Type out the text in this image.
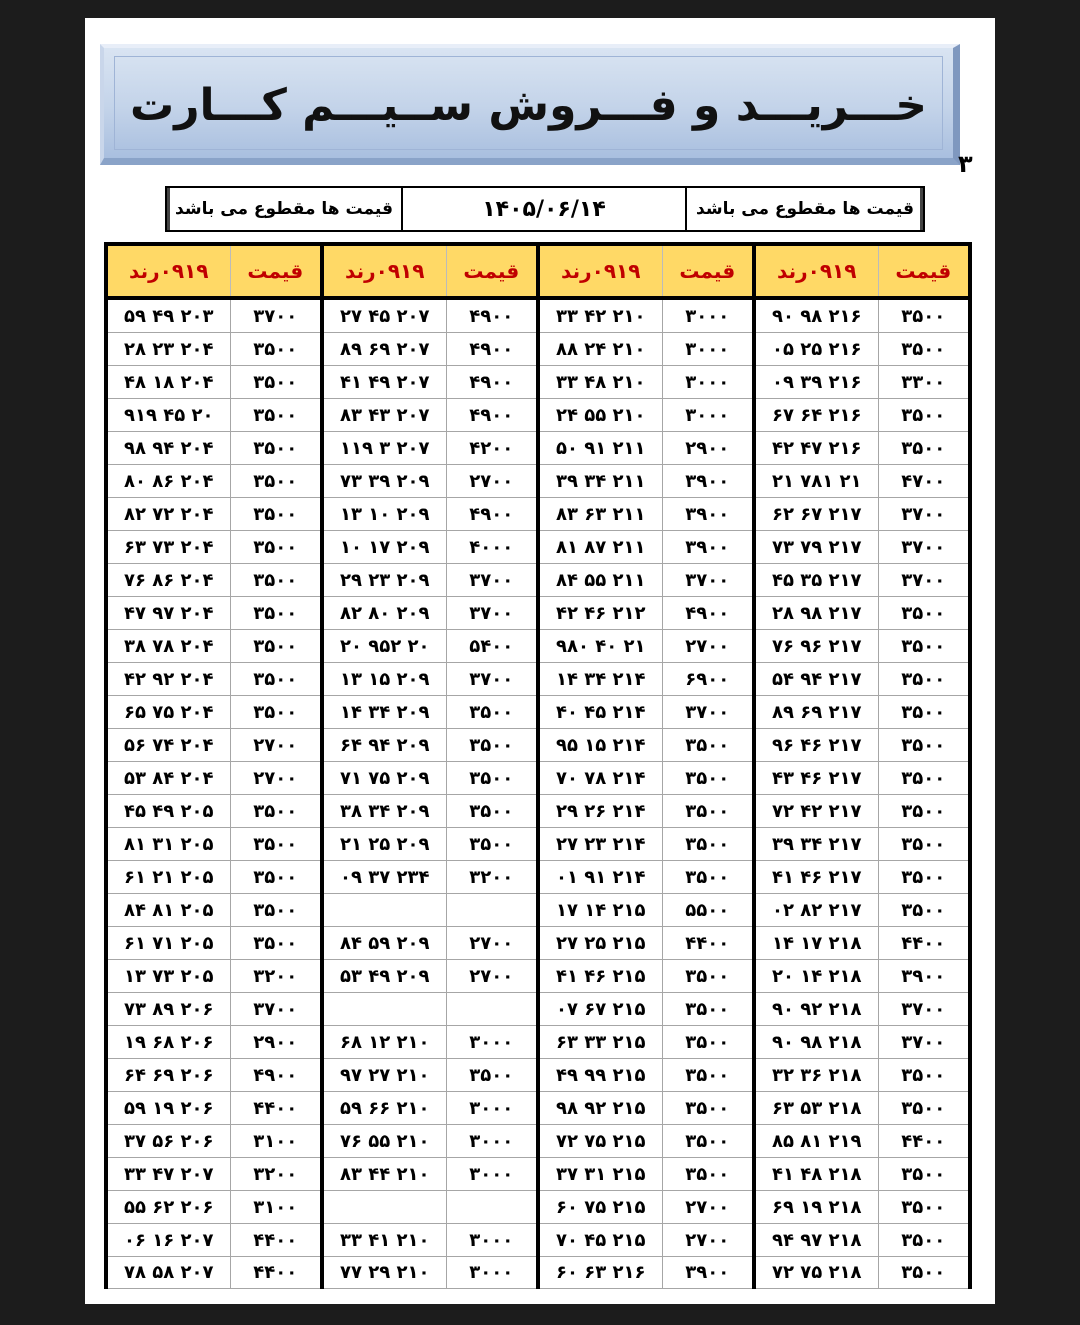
خـــریـــد و فـــروش ســیـــم کـــارت
۳
قیمت ها مقطوع می باشد
۱۴۰۵/۰۶/۱۴
قیمت ها مقطوع می باشد
قیمت	۰۹۱۹رند	قیمت	۰۹۱۹رند	قیمت	۰۹۱۹رند	قیمت	۰۹۱۹رند
۳۵۰۰	۲۱۶ ۹۸ ۹۰	۳۰۰۰	۲۱۰ ۴۲ ۳۳	۴۹۰۰	۲۰۷ ۴۵ ۲۷	۳۷۰۰	۲۰۳ ۴۹ ۵۹
۳۵۰۰	۲۱۶ ۲۵ ۰۵	۳۰۰۰	۲۱۰ ۲۴ ۸۸	۴۹۰۰	۲۰۷ ۶۹ ۸۹	۳۵۰۰	۲۰۴ ۲۳ ۲۸
۳۳۰۰	۲۱۶ ۳۹ ۰۹	۳۰۰۰	۲۱۰ ۴۸ ۳۳	۴۹۰۰	۲۰۷ ۴۹ ۴۱	۳۵۰۰	۲۰۴ ۱۸ ۴۸
۳۵۰۰	۲۱۶ ۶۴ ۶۷	۳۰۰۰	۲۱۰ ۵۵ ۲۴	۴۹۰۰	۲۰۷ ۴۳ ۸۳	۳۵۰۰	۲۰ ۴۵ ۹۱۹
۳۵۰۰	۲۱۶ ۴۷ ۴۲	۲۹۰۰	۲۱۱ ۹۱ ۵۰	۴۲۰۰	۲۰۷ ۳ ۱۱۹	۳۵۰۰	۲۰۴ ۹۴ ۹۸
۴۷۰۰	۲۱ ۷۸۱ ۲۱	۳۹۰۰	۲۱۱ ۳۴ ۳۹	۲۷۰۰	۲۰۹ ۳۹ ۷۳	۳۵۰۰	۲۰۴ ۸۶ ۸۰
۳۷۰۰	۲۱۷ ۶۷ ۶۲	۳۹۰۰	۲۱۱ ۶۳ ۸۳	۴۹۰۰	۲۰۹ ۱۰ ۱۳	۳۵۰۰	۲۰۴ ۷۲ ۸۲
۳۷۰۰	۲۱۷ ۷۹ ۷۳	۳۹۰۰	۲۱۱ ۸۷ ۸۱	۴۰۰۰	۲۰۹ ۱۷ ۱۰	۳۵۰۰	۲۰۴ ۷۳ ۶۳
۳۷۰۰	۲۱۷ ۳۵ ۴۵	۳۷۰۰	۲۱۱ ۵۵ ۸۴	۳۷۰۰	۲۰۹ ۲۳ ۲۹	۳۵۰۰	۲۰۴ ۸۶ ۷۶
۳۵۰۰	۲۱۷ ۹۸ ۲۸	۴۹۰۰	۲۱۲ ۴۶ ۴۲	۳۷۰۰	۲۰۹ ۸۰ ۸۲	۳۵۰۰	۲۰۴ ۹۷ ۴۷
۳۵۰۰	۲۱۷ ۹۶ ۷۶	۲۷۰۰	۲۱ ۴۰ ۹۸۰	۵۴۰۰	۲۰ ۹۵۲ ۲۰	۳۵۰۰	۲۰۴ ۷۸ ۳۸
۳۵۰۰	۲۱۷ ۹۴ ۵۴	۶۹۰۰	۲۱۴ ۳۴ ۱۴	۳۷۰۰	۲۰۹ ۱۵ ۱۳	۳۵۰۰	۲۰۴ ۹۲ ۴۲
۳۵۰۰	۲۱۷ ۶۹ ۸۹	۳۷۰۰	۲۱۴ ۴۵ ۴۰	۳۵۰۰	۲۰۹ ۳۴ ۱۴	۳۵۰۰	۲۰۴ ۷۵ ۶۵
۳۵۰۰	۲۱۷ ۴۶ ۹۶	۳۵۰۰	۲۱۴ ۱۵ ۹۵	۳۵۰۰	۲۰۹ ۹۴ ۶۴	۲۷۰۰	۲۰۴ ۷۴ ۵۶
۳۵۰۰	۲۱۷ ۴۶ ۴۳	۳۵۰۰	۲۱۴ ۷۸ ۷۰	۳۵۰۰	۲۰۹ ۷۵ ۷۱	۲۷۰۰	۲۰۴ ۸۴ ۵۳
۳۵۰۰	۲۱۷ ۴۲ ۷۲	۳۵۰۰	۲۱۴ ۲۶ ۲۹	۳۵۰۰	۲۰۹ ۳۴ ۳۸	۳۵۰۰	۲۰۵ ۴۹ ۴۵
۳۵۰۰	۲۱۷ ۳۴ ۳۹	۳۵۰۰	۲۱۴ ۲۳ ۲۷	۳۵۰۰	۲۰۹ ۲۵ ۲۱	۳۵۰۰	۲۰۵ ۳۱ ۸۱
۳۵۰۰	۲۱۷ ۴۶ ۴۱	۳۵۰۰	۲۱۴ ۹۱ ۰۱	۳۲۰۰	۲۳۴ ۳۷ ۰۹	۳۵۰۰	۲۰۵ ۲۱ ۶۱
۳۵۰۰	۲۱۷ ۸۲ ۰۲	۵۵۰۰	۲۱۵ ۱۴ ۱۷			۳۵۰۰	۲۰۵ ۸۱ ۸۴
۴۴۰۰	۲۱۸ ۱۷ ۱۴	۴۴۰۰	۲۱۵ ۲۵ ۲۷	۲۷۰۰	۲۰۹ ۵۹ ۸۴	۳۵۰۰	۲۰۵ ۷۱ ۶۱
۳۹۰۰	۲۱۸ ۱۴ ۲۰	۳۵۰۰	۲۱۵ ۴۶ ۴۱	۲۷۰۰	۲۰۹ ۴۹ ۵۳	۳۲۰۰	۲۰۵ ۷۳ ۱۳
۳۷۰۰	۲۱۸ ۹۲ ۹۰	۳۵۰۰	۲۱۵ ۶۷ ۰۷			۳۷۰۰	۲۰۶ ۸۹ ۷۳
۳۷۰۰	۲۱۸ ۹۸ ۹۰	۳۵۰۰	۲۱۵ ۳۳ ۶۳	۳۰۰۰	۲۱۰ ۱۲ ۶۸	۲۹۰۰	۲۰۶ ۶۸ ۱۹
۳۵۰۰	۲۱۸ ۳۶ ۳۲	۳۵۰۰	۲۱۵ ۹۹ ۴۹	۳۵۰۰	۲۱۰ ۲۷ ۹۷	۴۹۰۰	۲۰۶ ۶۹ ۶۴
۳۵۰۰	۲۱۸ ۵۳ ۶۳	۳۵۰۰	۲۱۵ ۹۲ ۹۸	۳۰۰۰	۲۱۰ ۶۶ ۵۹	۴۴۰۰	۲۰۶ ۱۹ ۵۹
۴۴۰۰	۲۱۹ ۸۱ ۸۵	۳۵۰۰	۲۱۵ ۷۵ ۷۲	۳۰۰۰	۲۱۰ ۵۵ ۷۶	۳۱۰۰	۲۰۶ ۵۶ ۳۷
۳۵۰۰	۲۱۸ ۴۸ ۴۱	۳۵۰۰	۲۱۵ ۳۱ ۳۷	۳۰۰۰	۲۱۰ ۴۴ ۸۳	۳۲۰۰	۲۰۷ ۴۷ ۳۳
۳۵۰۰	۲۱۸ ۱۹ ۶۹	۲۷۰۰	۲۱۵ ۷۵ ۶۰			۳۱۰۰	۲۰۶ ۶۲ ۵۵
۳۵۰۰	۲۱۸ ۹۷ ۹۴	۲۷۰۰	۲۱۵ ۴۵ ۷۰	۳۰۰۰	۲۱۰ ۴۱ ۳۳	۴۴۰۰	۲۰۷ ۱۶ ۰۶
۳۵۰۰	۲۱۸ ۷۵ ۷۲	۳۹۰۰	۲۱۶ ۶۳ ۶۰	۳۰۰۰	۲۱۰ ۲۹ ۷۷	۴۴۰۰	۲۰۷ ۵۸ ۷۸
